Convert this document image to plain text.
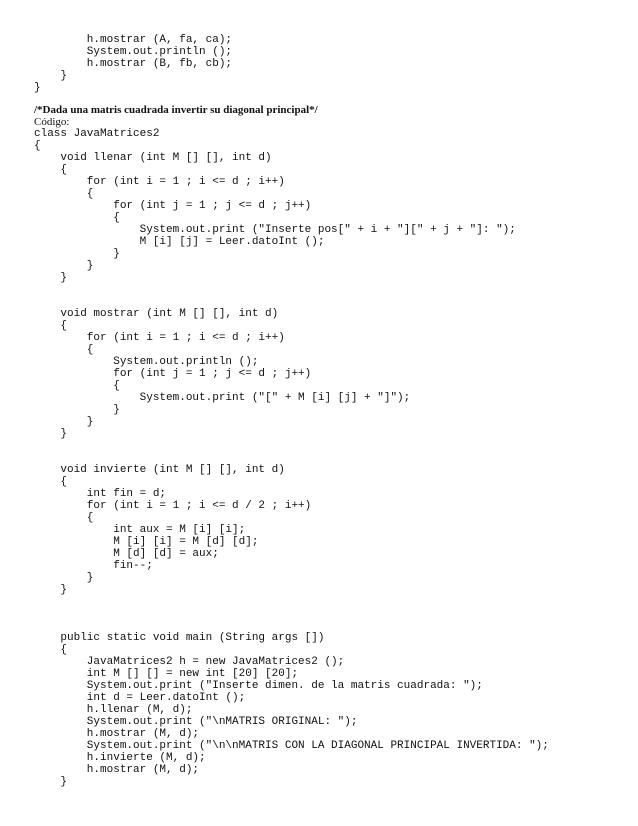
h.mostrar (A, fa, ca);
System.out.println ();
h.mostrar (B, fb, cb);
}
}

/*Dada una matris cuadrada invertir su diagonal principal*/

Código:

class JavaMatrices2
{
void llenar (int M [] [], int d)
{
for (int i = 1 ; i <= d ; i++)
{
for (int j = 1 ; j <= d ; j++)
{
System.out.print ("Inserte pos[" + i + "][" + j + "]: ");
M [i] [j] = Leer.datoInt ();
}
}
}
void mostrar (int M [] [], int d)
{
for (int i = 1 ; i <= d ; i++)
{
System.out.println ();
for (int j = 1 ; j <= d ; j++)
{
System.out.print ("[" + M [i] [j] + "]");
}
}
}
void invierte (int M [] [], int d)
{
int fin = d;
for (int i = 1 ; i <= d / 2 ; i++)
{
int aux = M [i] [i];
M [i] [i] = M [d] [d];
M [d] [d] = aux;
fin--;
}
}
public static void main (String args [])
{
JavaMatrices2 h = new JavaMatrices2 ();
int M [] [] = new int [20] [20];
System.out.print ("Inserte dimen. de la matris cuadrada: ");
int d = Leer.datoInt ();
h.llenar (M, d);
System.out.print ("\nMATRIS ORIGINAL: ");
h.mostrar (M, d);
System.out.print ("\n\nMATRIS CON LA DIAGONAL PRINCIPAL INVERTIDA: ");
h.invierte (M, d);
h.mostrar (M, d);
}
